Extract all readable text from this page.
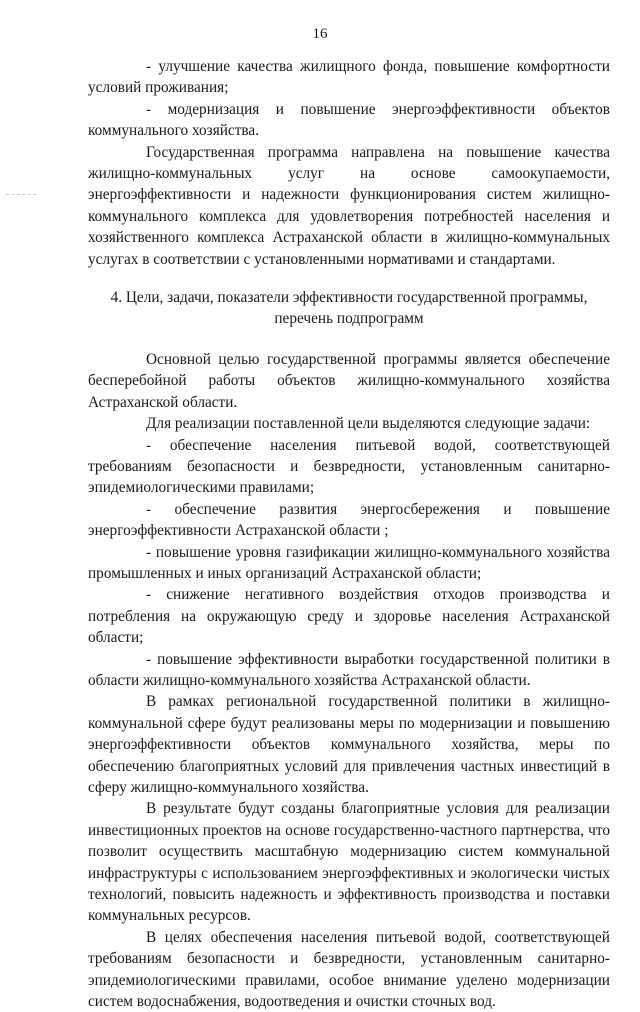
16

- улучшение качества жилищного фонда, повышение комфортности условий проживания;

- модернизация и повышение энергоэффективности объектов коммунального хозяйства.

Государственная программа направлена на повышение качества жилищно-коммунальных услуг на основе самоокупаемости, энергоэффективности и надежности функционирования систем жилищно-коммунального комплекса для удовлетворения потребностей населения и хозяйственного комплекса Астраханской области в жилищно-коммунальных услугах в соответствии с установленными нормативами и стандартами.

4. Цели, задачи, показатели эффективности государственной программы, перечень подпрограмм

Основной целью государственной программы является обеспечение бесперебойной работы объектов жилищно-коммунального хозяйства Астраханской области.

Для реализации поставленной цели выделяются следующие задачи:

- обеспечение населения питьевой водой, соответствующей требованиям безопасности и безвредности, установленным санитарно-эпидемиологическими правилами;

- обеспечение развития энергосбережения и повышение энергоэффективности Астраханской области ;

- повышение уровня газификации жилищно-коммунального хозяйства промышленных и иных организаций Астраханской области;

- снижение негативного воздействия отходов производства и потребления на окружающую среду и здоровье населения Астраханской области;

- повышение эффективности выработки государственной политики в области жилищно-коммунального хозяйства Астраханской области.

В рамках региональной государственной политики в жилищно-коммунальной сфере будут реализованы меры по модернизации и повышению энергоэффективности объектов коммунального хозяйства, меры по обеспечению благоприятных условий для привлечения частных инвестиций в сферу жилищно-коммунального хозяйства.

В результате будут созданы благоприятные условия для реализации инвестиционных проектов на основе государственно-частного партнерства, что позволит осуществить масштабную модернизацию систем коммунальной инфраструктуры с использованием энергоэффективных и экологически чистых технологий, повысить надежность и эффективность производства и поставки коммунальных ресурсов.

В целях обеспечения населения питьевой водой, соответствующей требованиям безопасности и безвредности, установленным санитарно-эпидемиологическими правилами, особое внимание уделено модернизации систем водоснабжения, водоотведения и очистки сточных вод.
